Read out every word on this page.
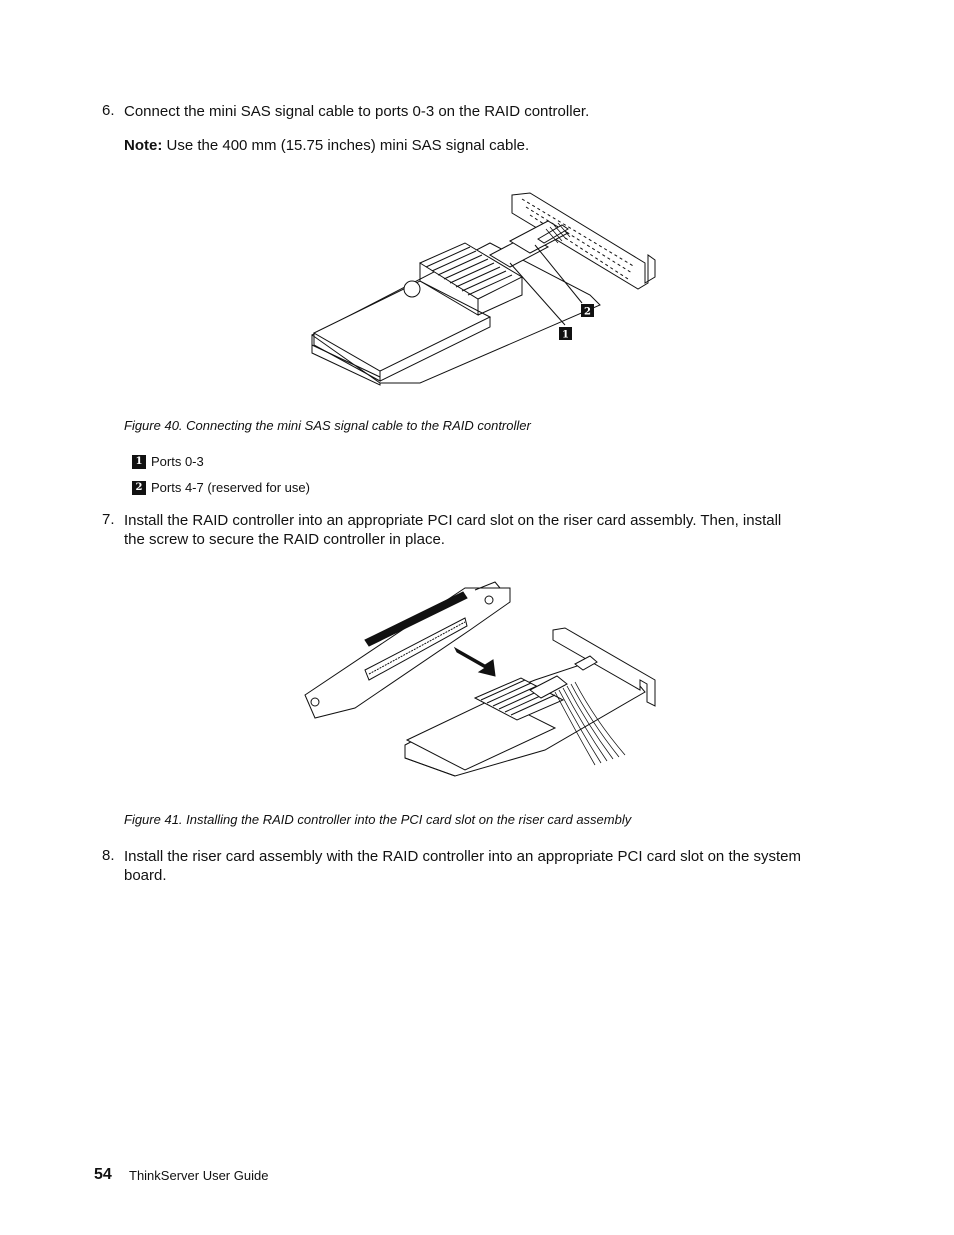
6. Connect the mini SAS signal cable to ports 0-3 on the RAID controller.
Note: Use the 400 mm (15.75 inches) mini SAS signal cable.
1
2
Figure 40. Connecting the mini SAS signal cable to the RAID controller
1 Ports 0-3
2 Ports 4-7 (reserved for use)
7. Install the RAID controller into an appropriate PCI card slot on the riser card assembly. Then, install
the screw to secure the RAID controller in place.
Figure 41. Installing the RAID controller into the PCI card slot on the riser card assembly
8. Install the riser card assembly with the RAID controller into an appropriate PCI card slot on the system
board.
54 ThinkServer User Guide
